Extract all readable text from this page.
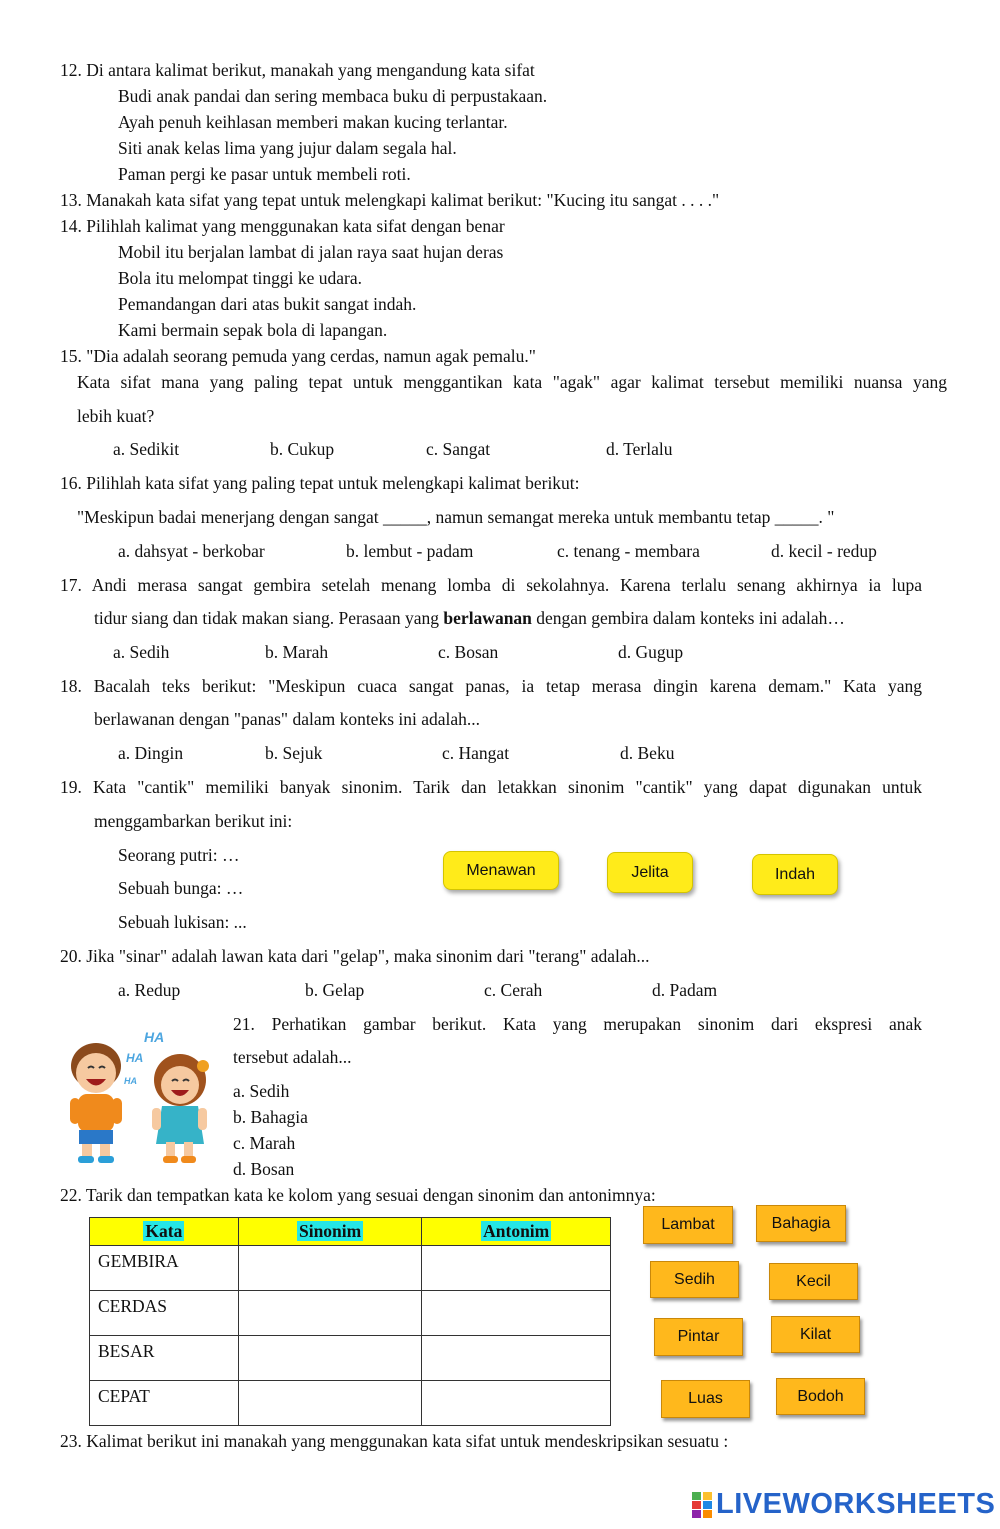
12. Di antara kalimat berikut, manakah yang mengandung kata sifat
Budi anak pandai dan sering membaca buku di perpustakaan.
Ayah penuh keihlasan memberi makan kucing terlantar.
Siti anak kelas lima yang jujur dalam segala hal.
Paman pergi ke pasar untuk membeli roti.
13. Manakah kata sifat yang tepat untuk melengkapi kalimat berikut: "Kucing itu sangat . . . ."
14. Pilihlah kalimat yang menggunakan kata sifat dengan benar
Mobil itu berjalan lambat di jalan raya saat hujan deras
Bola itu melompat tinggi ke udara.
Pemandangan dari atas bukit sangat indah.
Kami bermain sepak bola di lapangan.
15. "Dia adalah seorang pemuda yang cerdas, namun agak pemalu."
Kata sifat mana yang paling tepat untuk menggantikan kata "agak" agar kalimat tersebut memiliki nuansa yang
lebih kuat?
a. Sedikit	b. Cukup	c. Sangat	d. Terlalu
16. Pilihlah kata sifat yang paling tepat untuk melengkapi kalimat berikut:
"Meskipun badai menerjang dengan sangat _____, namun semangat mereka untuk membantu tetap _____. "
a. dahsyat - berkobar	b. lembut - padam	c. tenang - membara	d. kecil - redup
17. Andi merasa sangat gembira setelah menang lomba di sekolahnya. Karena terlalu senang akhirnya ia lupa
tidur siang dan tidak makan siang. Perasaan yang berlawanan dengan gembira dalam konteks ini adalah…
a. Sedih	b. Marah	c. Bosan	d. Gugup
18. Bacalah teks berikut: "Meskipun cuaca sangat panas, ia tetap merasa dingin karena demam." Kata yang
berlawanan dengan "panas" dalam konteks ini adalah...
a. Dingin	b. Sejuk	c. Hangat	d. Beku
19. Kata "cantik" memiliki banyak sinonim. Tarik dan letakkan sinonim "cantik" yang dapat digunakan untuk
menggambarkan berikut ini:
Seorang putri: …
Sebuah bunga: …
Sebuah lukisan: ...
Menawan	Jelita	Indah
20. Jika "sinar" adalah lawan kata dari "gelap", maka sinonim dari "terang" adalah...
a. Redup	b. Gelap	c. Cerah	d. Padam
HA
HA
HA
21. Perhatikan gambar berikut. Kata yang merupakan sinonim dari ekspresi anak
tersebut adalah...
a. Sedih
b. Bahagia
c. Marah
d. Bosan
22. Tarik dan tempatkan kata ke kolom yang sesuai dengan sinonim dan antonimnya:
Kata	Sinonim	Antonim
GEMBIRA		
CERDAS		
BESAR		
CEPAT		
Lambat	Bahagia
Sedih	Kecil
Pintar	Kilat
Luas	Bodoh
23. Kalimat berikut ini manakah yang menggunakan kata sifat untuk mendeskripsikan sesuatu :
LIVEWORKSHEETS
